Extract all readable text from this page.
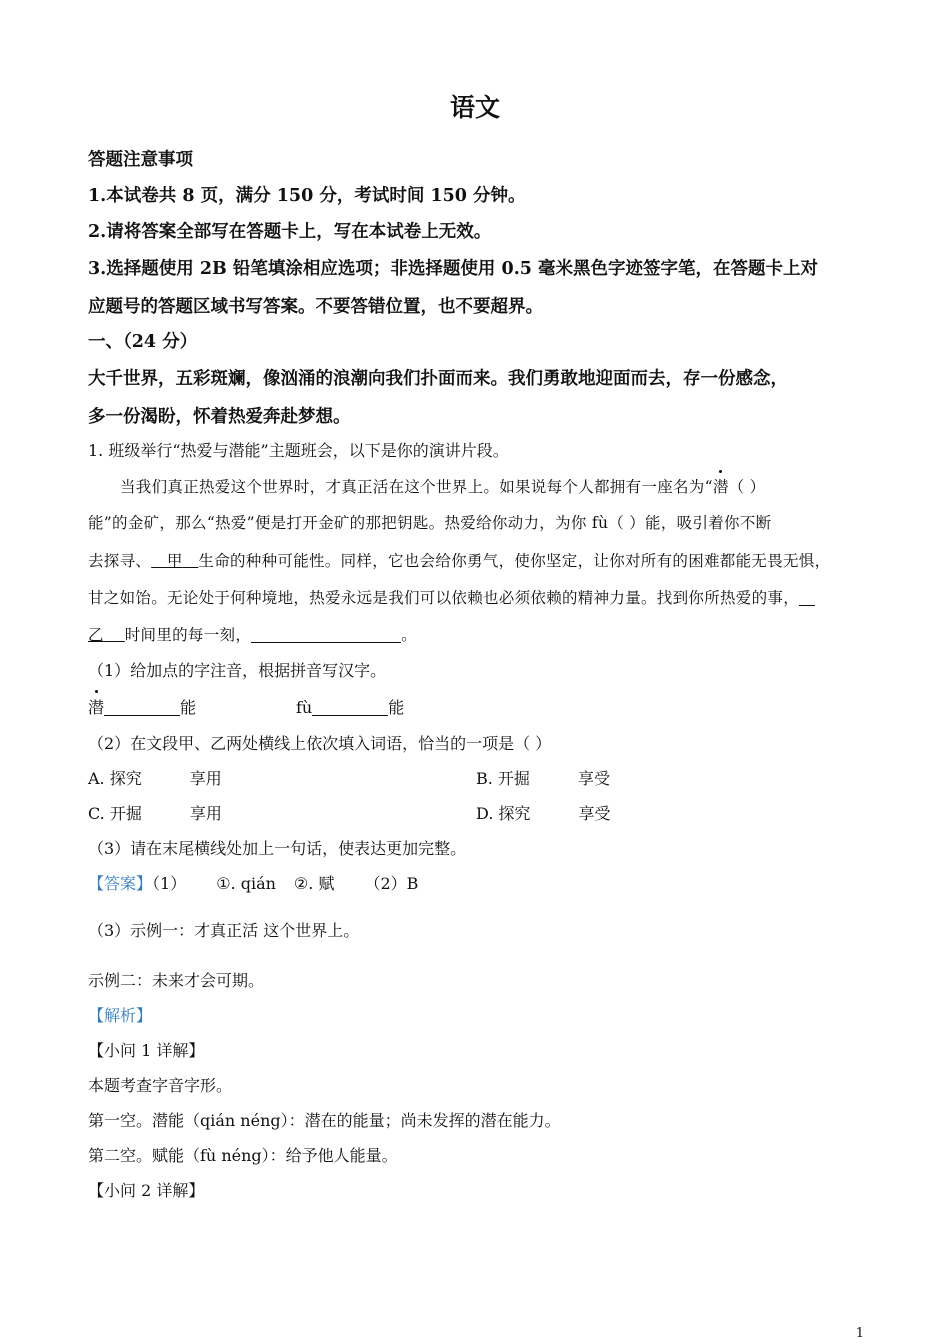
语文
答题注意事项
1.本试卷共 8 页，满分 150 分，考试时间 150 分钟。
2.请将答案全部写在答题卡上，写在本试卷上无效。
3.选择题使用 2B 铅笔填涂相应选项；非选择题使用 0.5 毫米黑色字迹签字笔，在答题卡上对
应题号的答题区域书写答案。不要答错位置，也不要超界。
一、（24 分）
大千世界，五彩斑斓，像汹涌的浪潮向我们扑面而来。我们勇敢地迎面而去，存一份感念，
多一份渴盼，怀着热爱奔赴梦想。
1. 班级举行“热爱与潜能”主题班会，以下是你的演讲片段。
当我们真正热爱这个世界时，才真正活在这个世界上。如果说每个人都拥有一座名为“潜（ ）
能”的金矿，那么“热爱”便是打开金矿的那把钥匙。热爱给你动力，为你 fù（ ）能，吸引着你不断
去探寻、 甲 生命的种种可能性。同样，它也会给你勇气，使你坚定，让你对所有的困难都能无畏无惧，
甘之如饴。无论处于何种境地，热爱永远是我们可以依赖也必须依赖的精神力量。找到你所热爱的事，
乙 时间里的每一刻，	。
（1）给加点的字注音，根据拼音写汉字。
潜	能	fù	能
（2）在文段甲、乙两处横线上依次填入词语，恰当的一项是（ ）
A. 探究	享用	B. 开掘	享受
C. 开掘	享用	D. 探究	享受
（3）请在末尾横线处加上一句话，使表达更加完整。
【答案】（1） ①. qián ②. 赋 （2）B
（3）示例一：才真正活 这个世界上。
示例二：未来才会可期。
【解析】
【小问 1 详解】
本题考查字音字形。
第一空。潜能（qián néng）：潜在的能量；尚未发挥的潜在能力。
第二空。赋能（fù néng）：给予他人能量。
【小问 2 详解】
1
